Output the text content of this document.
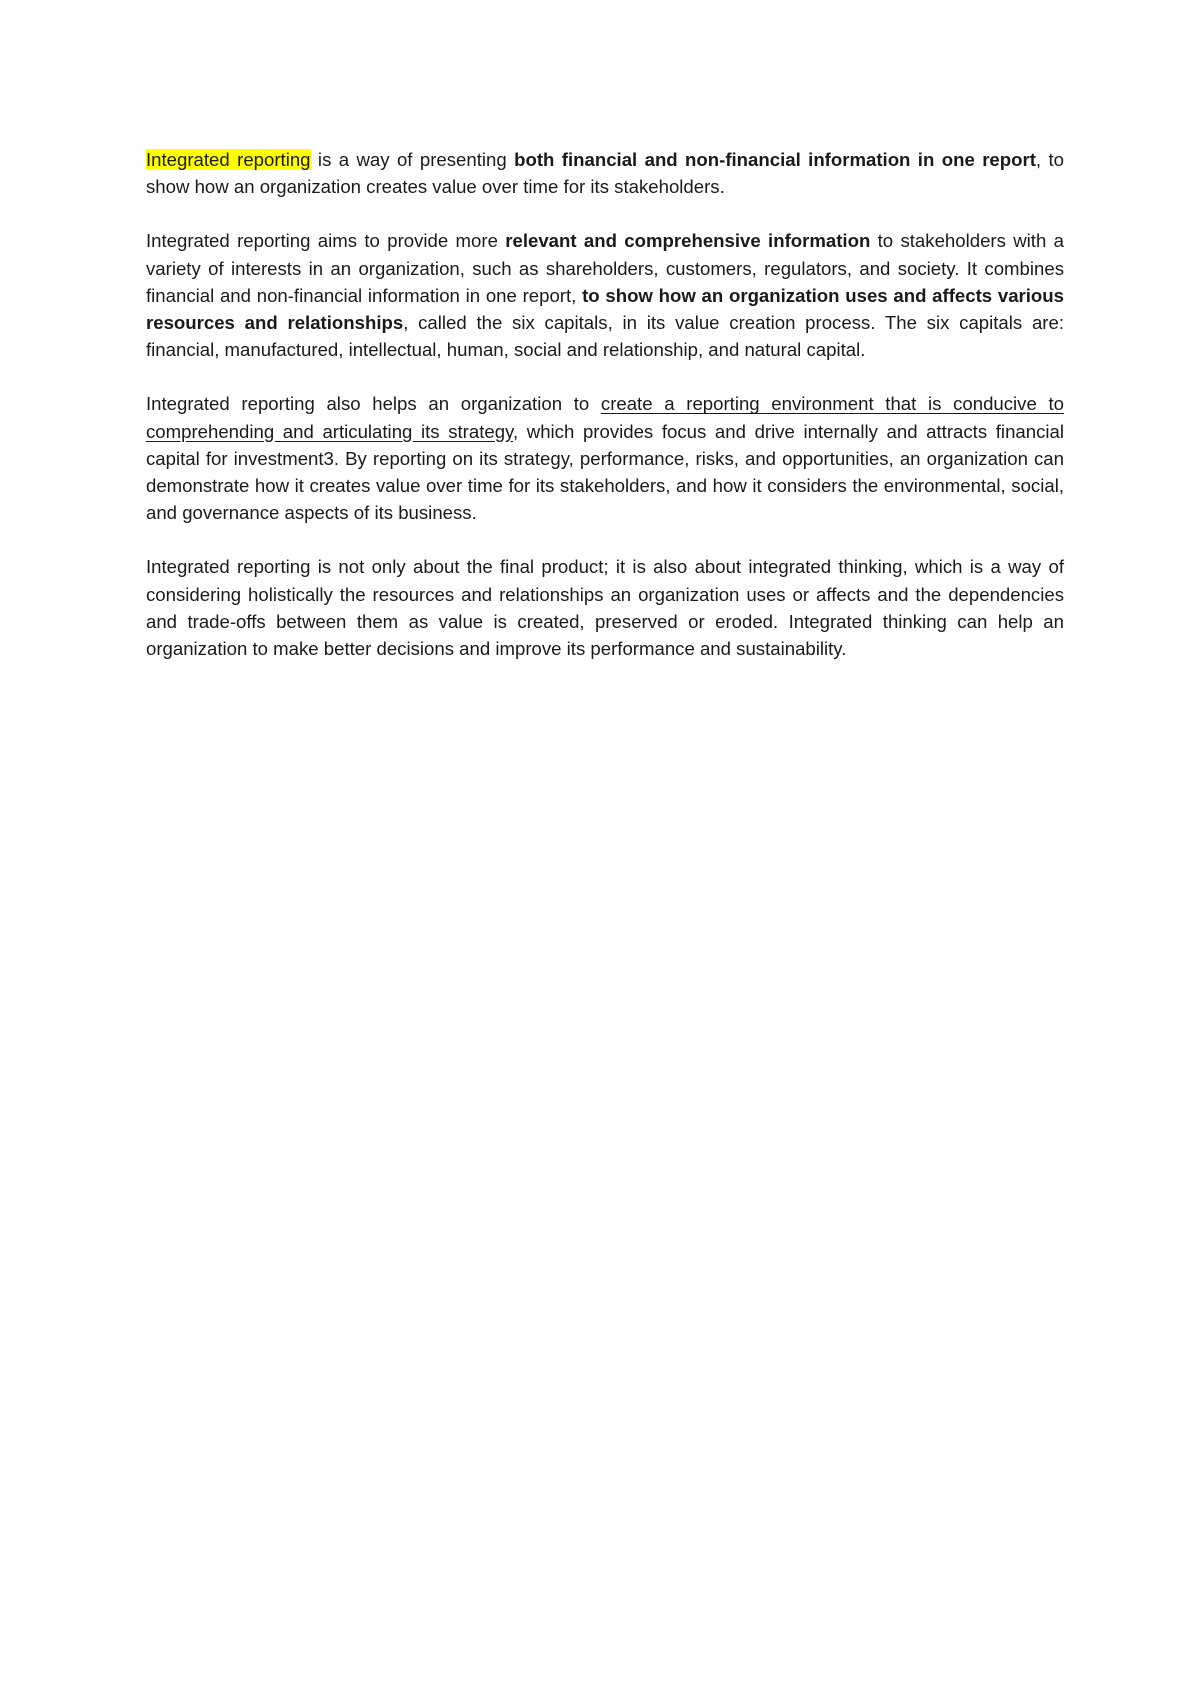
Integrated reporting is a way of presenting both financial and non-financial information in one report, to show how an organization creates value over time for its stakeholders.

Integrated reporting aims to provide more relevant and comprehensive information to stakeholders with a variety of interests in an organization, such as shareholders, customers, regulators, and society. It combines financial and non-financial information in one report, to show how an organization uses and affects various resources and relationships, called the six capitals, in its value creation process. The six capitals are: financial, manufactured, intellectual, human, social and relationship, and natural capital.

Integrated reporting also helps an organization to create a reporting environment that is conducive to comprehending and articulating its strategy, which provides focus and drive internally and attracts financial capital for investment3. By reporting on its strategy, performance, risks, and opportunities, an organization can demonstrate how it creates value over time for its stakeholders, and how it considers the environmental, social, and governance aspects of its business.

Integrated reporting is not only about the final product; it is also about integrated thinking, which is a way of considering holistically the resources and relationships an organization uses or affects and the dependencies and trade-offs between them as value is created, preserved or eroded. Integrated thinking can help an organization to make better decisions and improve its performance and sustainability.
